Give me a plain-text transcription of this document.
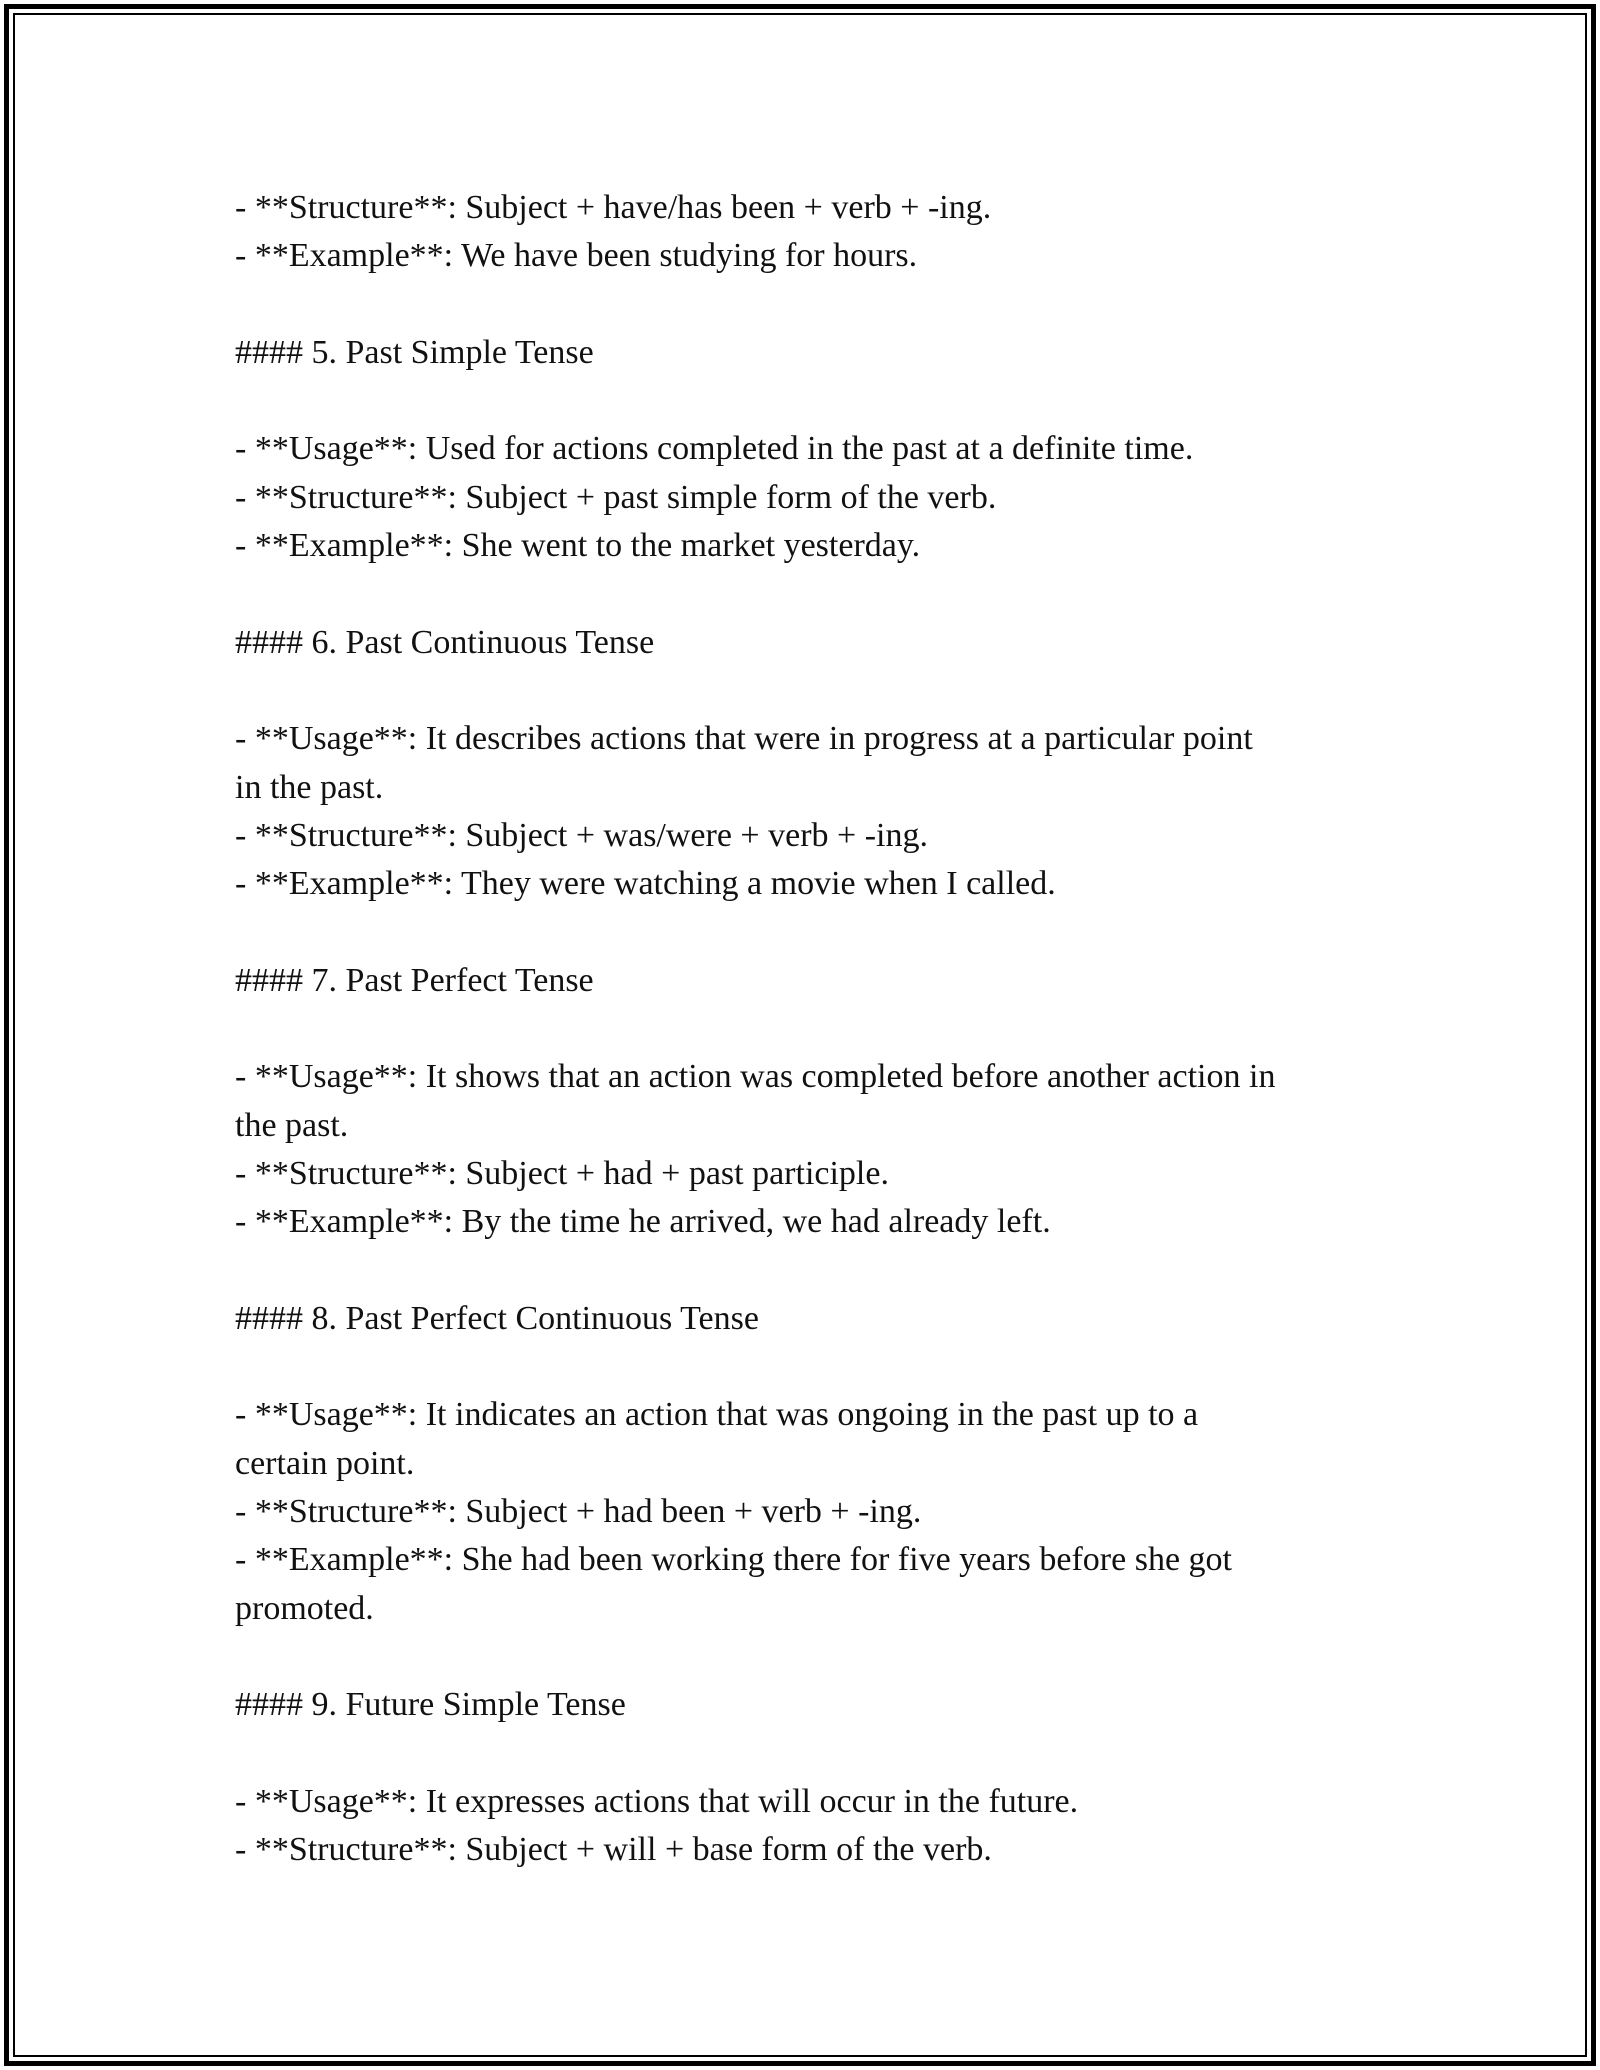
- **Structure**: Subject + have/has been + verb + -ing.
- **Example**: We have been studying for hours.
#### 5. Past Simple Tense
- **Usage**: Used for actions completed in the past at a definite time.
- **Structure**: Subject + past simple form of the verb.
- **Example**: She went to the market yesterday.
#### 6. Past Continuous Tense
- **Usage**: It describes actions that were in progress at a particular point
in the past.
- **Structure**: Subject + was/were + verb + -ing.
- **Example**: They were watching a movie when I called.
#### 7. Past Perfect Tense
- **Usage**: It shows that an action was completed before another action in
the past.
- **Structure**: Subject + had + past participle.
- **Example**: By the time he arrived, we had already left.
#### 8. Past Perfect Continuous Tense
- **Usage**: It indicates an action that was ongoing in the past up to a
certain point.
- **Structure**: Subject + had been + verb + -ing.
- **Example**: She had been working there for five years before she got
promoted.
#### 9. Future Simple Tense
- **Usage**: It expresses actions that will occur in the future.
- **Structure**: Subject + will + base form of the verb.
